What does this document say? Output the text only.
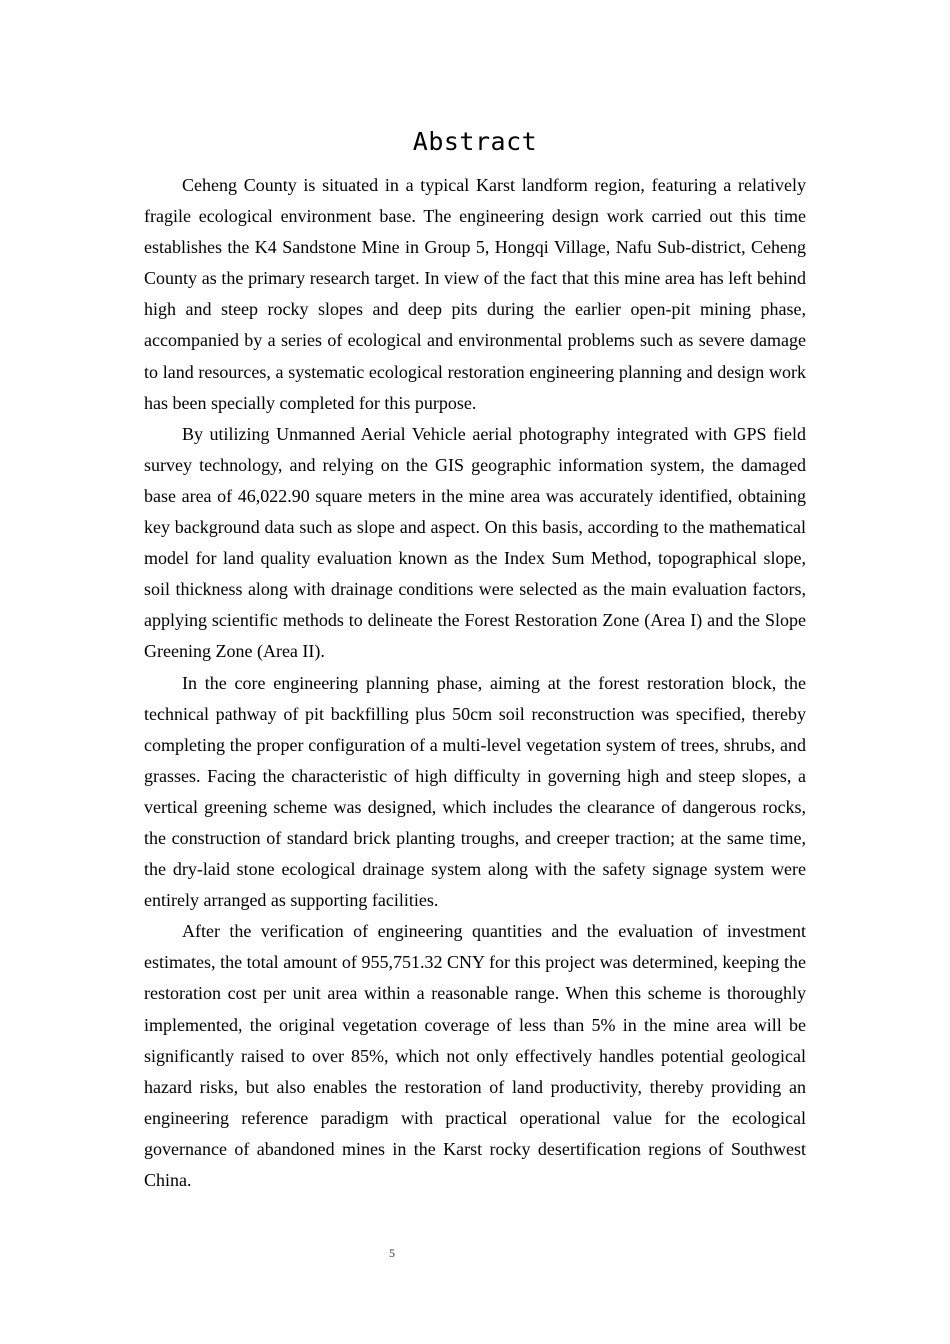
Abstract

Ceheng County is situated in a typical Karst landform region, featuring a relatively fragile ecological environment base. The engineering design work carried out this time establishes the K4 Sandstone Mine in Group 5, Hongqi Village, Nafu Sub-district, Ceheng County as the primary research target. In view of the fact that this mine area has left behind high and steep rocky slopes and deep pits during the earlier open-pit mining phase, accompanied by a series of ecological and environmental problems such as severe damage to land resources, a systematic ecological restoration engineering planning and design work has been specially completed for this purpose.

By utilizing Unmanned Aerial Vehicle aerial photography integrated with GPS field survey technology, and relying on the GIS geographic information system, the damaged base area of 46,022.90 square meters in the mine area was accurately identified, obtaining key background data such as slope and aspect. On this basis, according to the mathematical model for land quality evaluation known as the Index Sum Method, topographical slope, soil thickness along with drainage conditions were selected as the main evaluation factors, applying scientific methods to delineate the Forest Restoration Zone (Area I) and the Slope Greening Zone (Area II).

In the core engineering planning phase, aiming at the forest restoration block, the technical pathway of pit backfilling plus 50cm soil reconstruction was specified, thereby completing the proper configuration of a multi-level vegetation system of trees, shrubs, and grasses. Facing the characteristic of high difficulty in governing high and steep slopes, a vertical greening scheme was designed, which includes the clearance of dangerous rocks, the construction of standard brick planting troughs, and creeper traction; at the same time, the dry-laid stone ecological drainage system along with the safety signage system were entirely arranged as supporting facilities.

After the verification of engineering quantities and the evaluation of investment estimates, the total amount of 955,751.32 CNY for this project was determined, keeping the restoration cost per unit area within a reasonable range. When this scheme is thoroughly implemented, the original vegetation coverage of less than 5% in the mine area will be significantly raised to over 85%, which not only effectively handles potential geological hazard risks, but also enables the restoration of land productivity, thereby providing an engineering reference paradigm with practical operational value for the ecological governance of abandoned mines in the Karst rocky desertification regions of Southwest China.

5
